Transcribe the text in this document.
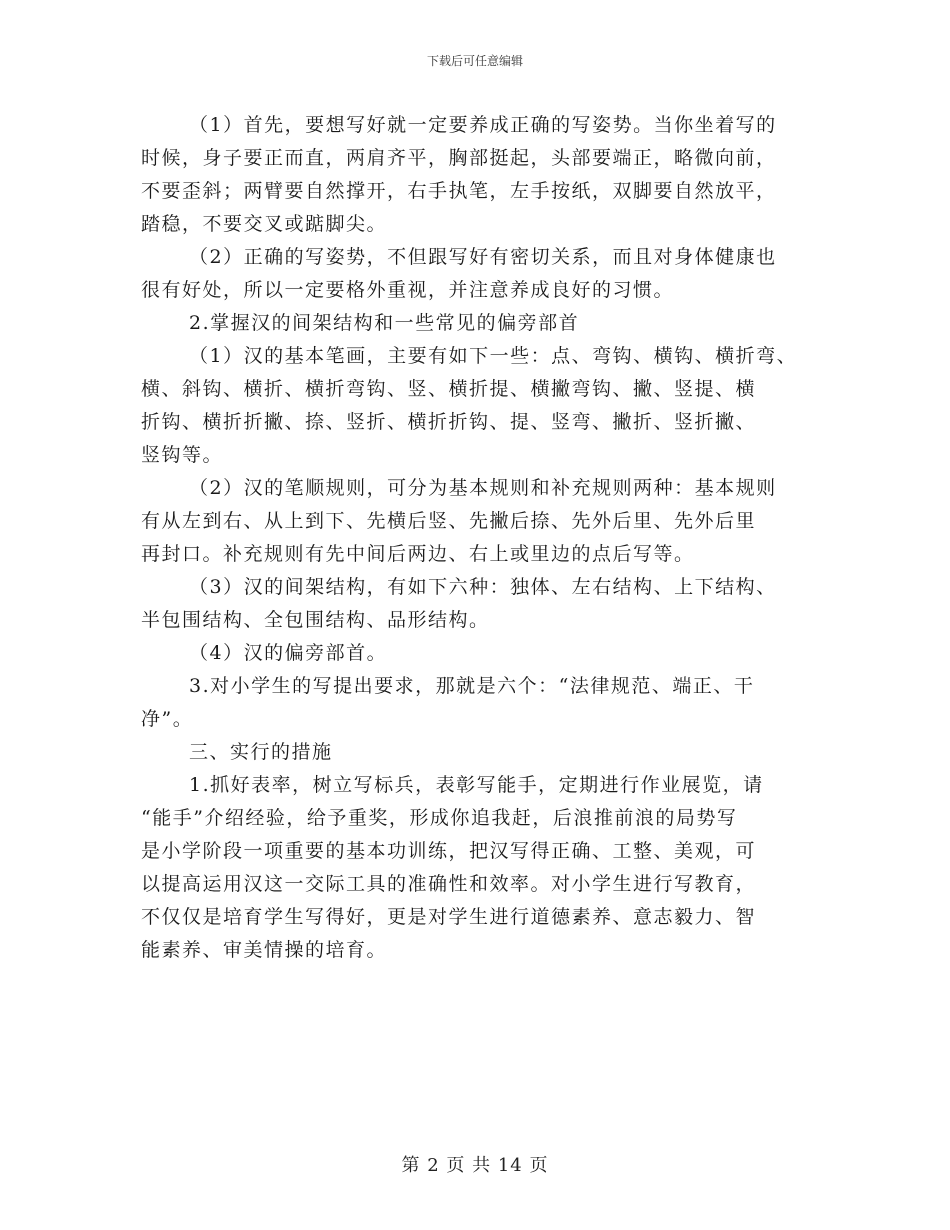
下载后可任意编辑
（1）首先，要想写好就一定要养成正确的写姿势。当你坐着写的
时候，身子要正而直，两肩齐平，胸部挺起，头部要端正，略微向前，
不要歪斜；两臂要自然撑开，右手执笔，左手按纸，双脚要自然放平，
踏稳，不要交叉或踮脚尖。
（2）正确的写姿势，不但跟写好有密切关系，而且对身体健康也
很有好处，所以一定要格外重视，并注意养成良好的习惯。
2.掌握汉的间架结构和一些常见的偏旁部首
（1）汉的基本笔画，主要有如下一些：点、弯钩、横钩、横折弯、
横、斜钩、横折、横折弯钩、竖、横折提、横撇弯钩、撇、竖提、横
折钩、横折折撇、捺、竖折、横折折钩、提、竖弯、撇折、竖折撇、
竖钩等。
（2）汉的笔顺规则，可分为基本规则和补充规则两种：基本规则
有从左到右、从上到下、先横后竖、先撇后捺、先外后里、先外后里
再封口。补充规则有先中间后两边、右上或里边的点后写等。
（3）汉的间架结构，有如下六种：独体、左右结构、上下结构、
半包围结构、全包围结构、品形结构。
（4）汉的偏旁部首。
3.对小学生的写提出要求，那就是六个：“法律规范、端正、干
净”。
三、实行的措施
1.抓好表率，树立写标兵，表彰写能手，定期进行作业展览，请
“能手”介绍经验，给予重奖，形成你追我赶，后浪推前浪的局势写
是小学阶段一项重要的基本功训练，把汉写得正确、工整、美观，可
以提高运用汉这一交际工具的准确性和效率。对小学生进行写教育，
不仅仅是培育学生写得好，更是对学生进行道德素养、意志毅力、智
能素养、审美情操的培育。
第 2 页 共 14 页
